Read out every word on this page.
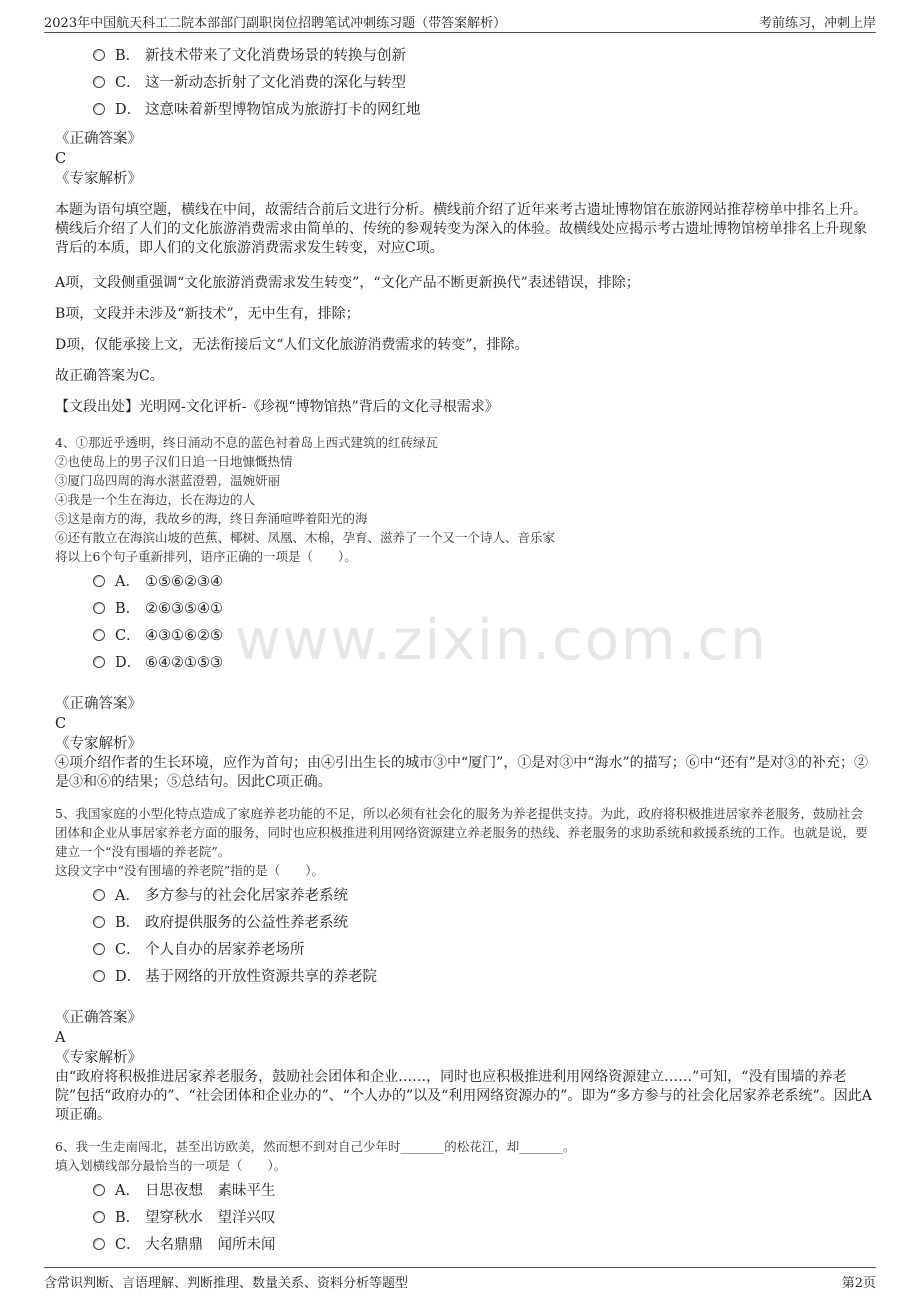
2023年中国航天科工二院本部部门副职岗位招聘笔试冲刺练习题（带答案解析）	考前练习，冲刺上岸
www.zixin.com.cn
B． 新技术带来了文化消费场景的转换与创新
C． 这一新动态折射了文化消费的深化与转型
D． 这意味着新型博物馆成为旅游打卡的网红地
《正确答案》
C
《专家解析》

本题为语句填空题，横线在中间，故需结合前后文进行分析。横线前介绍了近年来考古遗址博物馆在旅游网站推荐榜单中排名上升。横线后介绍了人们的文化旅游消费需求由简单的、传统的参观转变为深入的体验。故横线处应揭示考古遗址博物馆榜单排名上升现象背后的本质，即人们的文化旅游消费需求发生转变，对应C项。

A项，文段侧重强调“文化旅游消费需求发生转变”，“文化产品不断更新换代”表述错误，排除；

B项，文段并未涉及“新技术”，无中生有，排除；

D项，仅能承接上文，无法衔接后文“人们文化旅游消费需求的转变”，排除。

故正确答案为C。

【文段出处】光明网-文化评析-《珍视“博物馆热”背后的文化寻根需求》

4、①那近乎透明，终日涌动不息的蓝色衬着岛上西式建筑的红砖绿瓦

②也使岛上的男子汉们日追一日地慷慨热情

③厦门岛四周的海水湛蓝澄碧，温婉妍丽

④我是一个生在海边，长在海边的人

⑤这是南方的海，我故乡的海，终日奔涌喧哗着阳光的海

⑥还有散立在海滨山坡的芭蕉、椰树、凤凰、木棉，孕育、滋养了一个又一个诗人、音乐家

将以上6个句子重新排列，语序正确的一项是（　　）。

A． ①⑤⑥②③④
B． ②⑥③⑤④①
C． ④③①⑥②⑤
D． ⑥④②①⑤③
《正确答案》
C
《专家解析》

④项介绍作者的生长环境，应作为首句；由④引出生长的城市③中“厦门”，①是对③中“海水”的描写；⑥中“还有”是对③的补充；②是③和⑥的结果；⑤总结句。因此C项正确。

5、我国家庭的小型化特点造成了家庭养老功能的不足，所以必须有社会化的服务为养老提供支持。为此，政府将积极推进居家养老服务，鼓励社会团体和企业从事居家养老方面的服务，同时也应积极推进利用网络资源建立养老服务的热线、养老服务的求助系统和救援系统的工作。也就是说，要建立一个“没有围墙的养老院”。

这段文字中“没有围墙的养老院”指的是（　　）。

A． 多方参与的社会化居家养老系统
B． 政府提供服务的公益性养老系统
C． 个人自办的居家养老场所
D． 基于网络的开放性资源共享的养老院
《正确答案》
A
《专家解析》

由“政府将积极推进居家养老服务，鼓励社会团体和企业……，同时也应积极推进利用网络资源建立……”可知，“没有围墙的养老院”包括“政府办的”、“社会团体和企业办的”、“个人办的”以及“利用网络资源办的”。即为“多方参与的社会化居家养老系统”。因此A项正确。

6、我一生走南闯北，甚至出访欧美，然而想不到对自己少年时_______的松花江，却_______。

填入划横线部分最恰当的一项是（　　）。

A． 日思夜想　素昧平生
B． 望穿秋水　望洋兴叹
C． 大名鼎鼎　闻所未闻
含常识判断、言语理解、判断推理、数量关系、资料分析等题型	第2页
